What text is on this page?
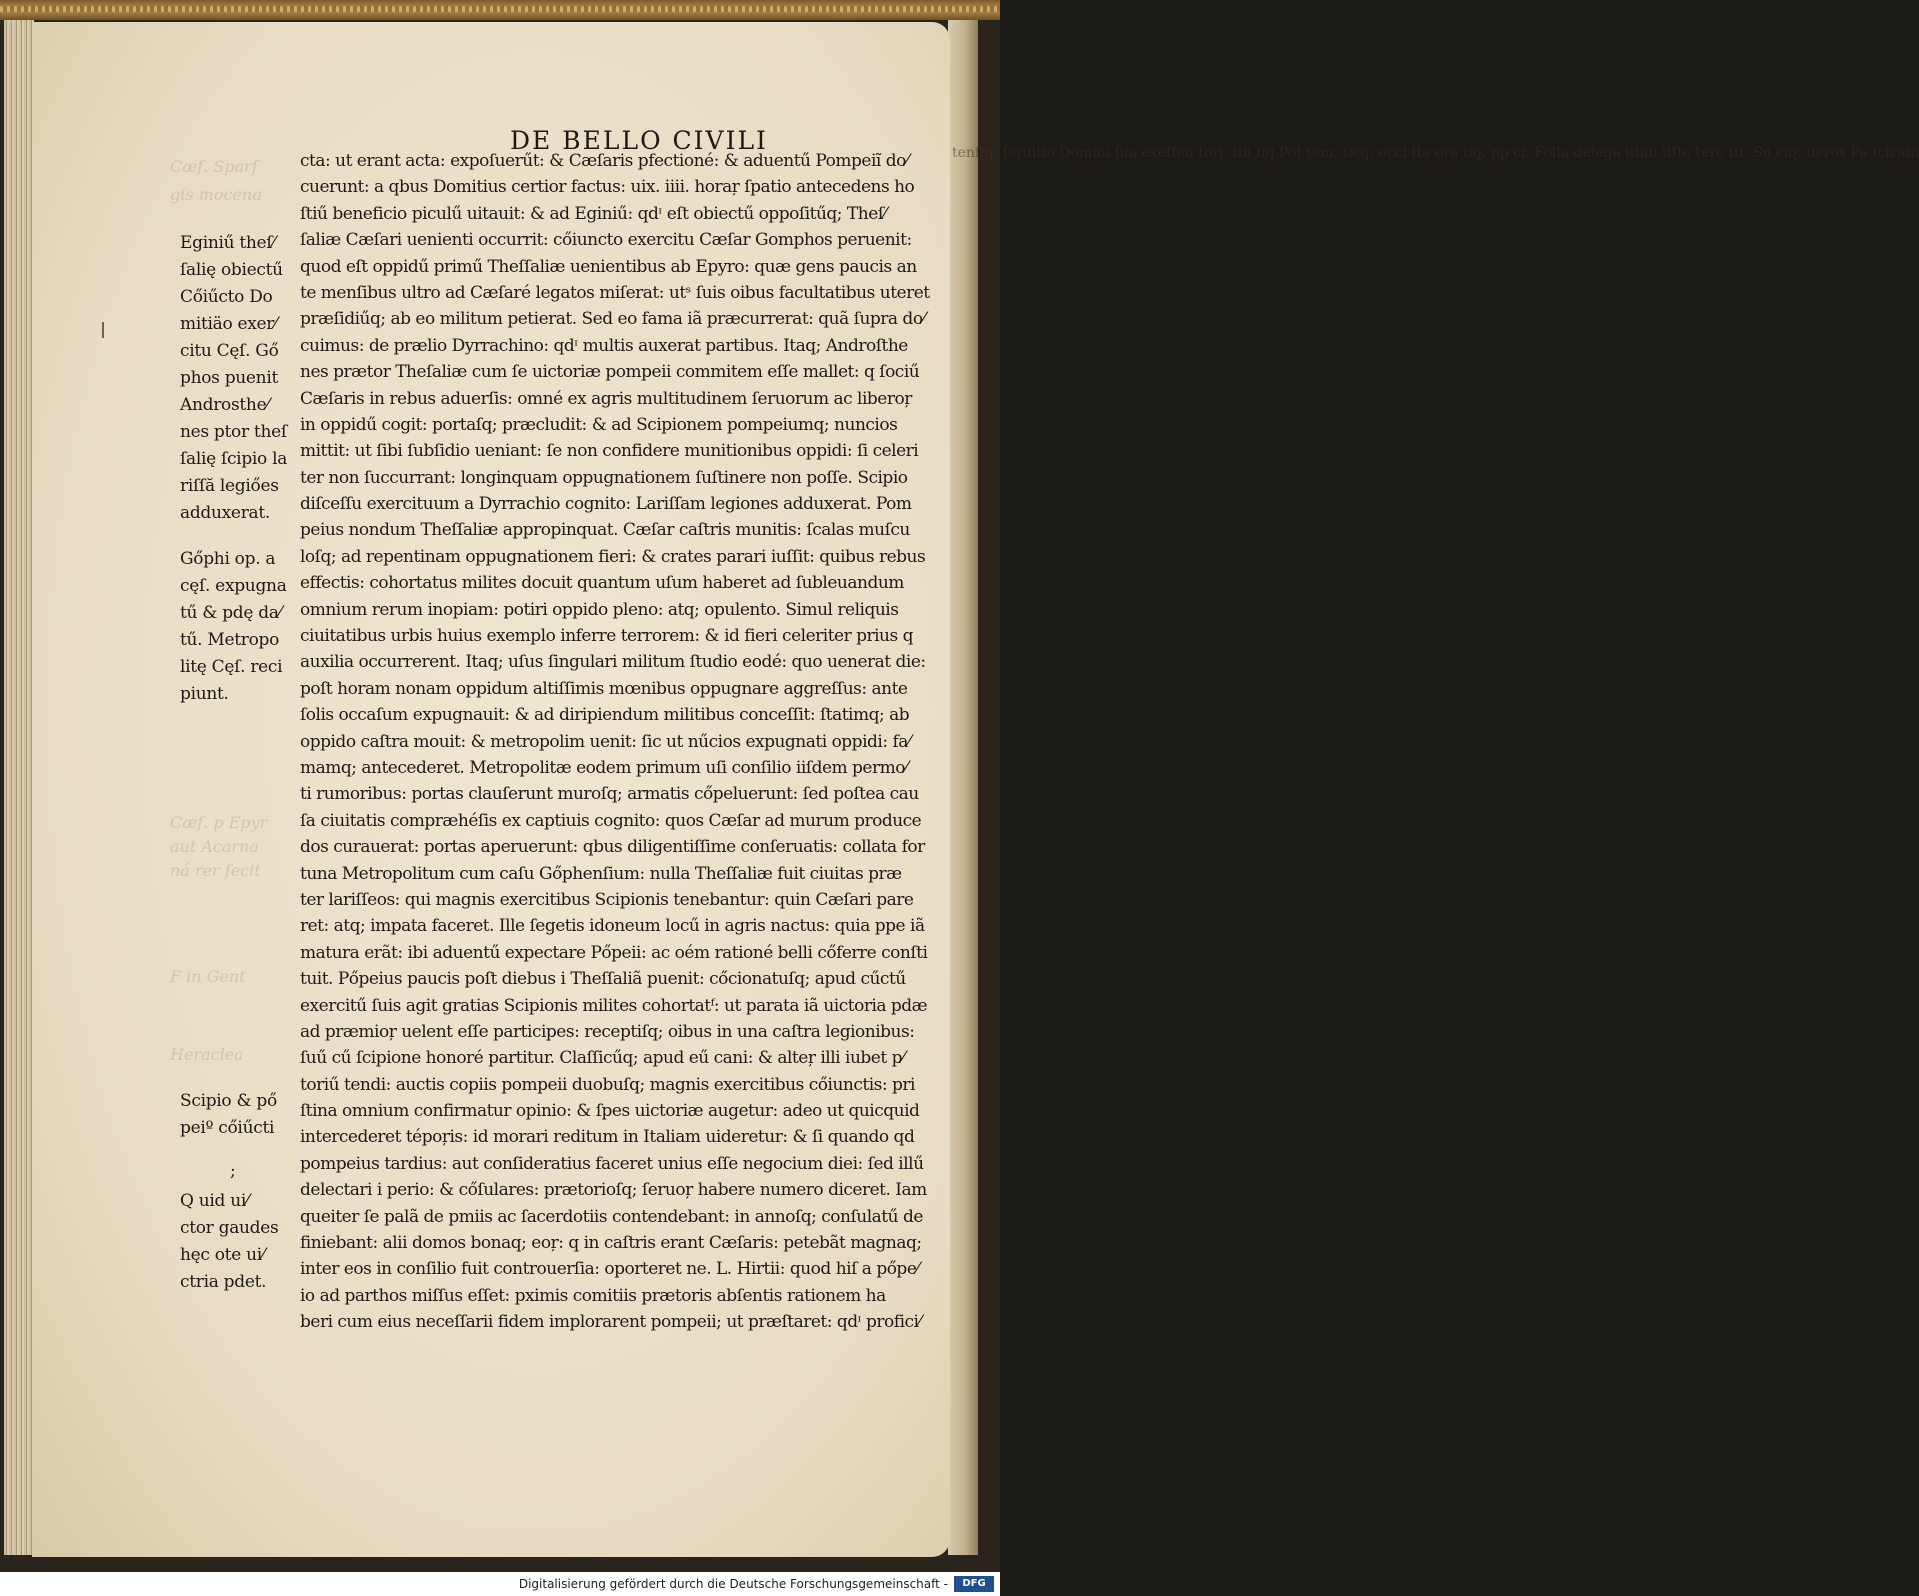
Cæſ. Sparſ
gis mocena
Cæſ. p Epyr
aut Acarna
ná rer ſecit
F in Gent
Heraclea
DE BELLO CIVILI
Eginiű theſ⁄
ſalię obiectű
Cőiűcto Do
mitiäo exer⁄
citu Cęſ. Gő
phos puenit
Androsthe⁄
nes ptor theſ
ſalię ſcipio la
riſſă legiőes
adduxerat.
Gőphi op. a
cęſ. expugna
tű & pdę da⁄
tű. Metropo
litę Cęſ. reci
piunt.
Scipio & pő
peiº cőiűcti
;
Q uid ui⁄
ctor gaudes
hęc ote ui⁄
ctria pdet.
cta: ut erant acta: expoſuerűt: & Cæſaris pfectioné: & aduentű Pompeiĩ do⁄
cuerunt: a qbus Domitius certior factus: uix. iiii. horaŗ ſpatio antecedens ho
ſtiű beneficio piculű uitauit: & ad Eginiű: qdᶦ eſt obiectű oppoſitűq; Theſ⁄
ſaliæ Cæſari uenienti occurrit: cőiuncto exercitu Cæſar Gomphos peruenit:
quod eſt oppidű primű Theſſaliæ uenientibus ab Epyro: quæ gens paucis an
te menſibus ultro ad Cæſaré legatos miſerat: utˢ ſuis oibus facultatibus uteret
præſidiűq; ab eo militum petierat. Sed eo fama iã præcurrerat: quã ſupra do⁄
cuimus: de prælio Dyrrachino: qdᶦ multis auxerat partibus. Itaq; Androſthe
nes prætor Theſaliæ cum ſe uictoriæ pompeii commitem eſſe mallet: q ſociű
Cæſaris in rebus aduerſis: omné ex agris multitudinem ſeruorum ac liberoŗ
in oppidű cogit: portaſq; præcludit: & ad Scipionem pompeiumq; nuncios
mittit: ut ſibi ſubſidio ueniant: ſe non confidere munitionibus oppidi: ſi celeri
ter non ſuccurrant: longinquam oppugnationem ſuſtinere non poſſe. Scipio
diſceſſu exercituum a Dyrrachio cognito: Lariſſam legiones adduxerat. Pom
peius nondum Theſſaliæ appropinquat. Cæſar caſtris munitis: ſcalas muſcu
loſq; ad repentinam oppugnationem fieri: & crates parari iuſſit: quibus rebus
effectis: cohortatus milites docuit quantum uſum haberet ad ſubleuandum
omnium rerum inopiam: potiri oppido pleno: atq; opulento. Simul reliquis
ciuitatibus urbis huius exemplo inferre terrorem: & id fieri celeriter prius q
auxilia occurrerent. Itaq; uſus ſingulari militum ſtudio eodé: quo uenerat die:
poſt horam nonam oppidum altiſſimis mœnibus oppugnare aggreſſus: ante
ſolis occaſum expugnauit: & ad diripiendum militibus conceſſit: ſtatimq; ab
oppido caſtra mouit: & metropolim uenit: ſic ut nűcios expugnati oppidi: fa⁄
mamq; antecederet. Metropolitæ eodem primum uſi conſilio iiſdem permo⁄
ti rumoribus: portas clauſerunt muroſq; armatis cőpeluerunt: ſed poſtea cau
ſa ciuitatis compræhéſis ex captiuis cognito: quos Cæſar ad murum produce
dos curauerat: portas aperuerunt: qbus diligentiſſime conſeruatis: collata for
tuna Metropolitum cum caſu Gőphenſium: nulla Theſſaliæ fuit ciuitas præ
ter lariſſeos: qui magnis exercitibus Scipionis tenebantur: quin Cæſari pare
ret: atq; impata faceret. Ille ſegetis idoneum locű in agris nactus: quia ppe iã
matura erãt: ibi aduentű expectare Pőpeii: ac oém rationé belli cőferre conſti
tuit. Pőpeius paucis poſt diebus i Theſſaliã puenit: cőcionatuſq; apud cűctű
exercitű ſuis agit gratias Scipionis milites cohortatᶠ: ut parata iã uictoria pdæ
ad præmioŗ uelent eſſe participes: receptiſq; oibus in una caſtra legionibus:
ſuű cű ſcipione honoré partitur. Claſſicűq; apud eű cani: & alteŗ illi iubet p⁄
toriű tendi: auctis copiis pompeii duobuſq; magnis exercitibus cőiunctis: pri
ſtina omnium confirmatur opinio: & ſpes uictoriæ augetur: adeo ut quicquid
intercederet tépoŗis: id morari reditum in Italiam uideretur: & ſi quando qd
pompeius tardius: aut conſideratius faceret unius eſſe negocium diei: ſed illű
delectari i perio: & cőſulares: prætorioſq; ſeruoŗ habere numero diceret. Iam
queiter ſe palã de pmiis ac ſacerdotiis contendebant: in annoſq; conſulatű de
finiebant: alii domos bonaq; eoŗ: q in caſtris erant Cæſaris: petebãt magnaq;
inter eos in conſilio fuit controuerſia: oporteret ne. L. Hirtii: quod hiſ a pőpe⁄
io ad parthos miſſus eſſet: pximis comitiis prætoris abſentis rationem ha
beri cum eius neceſſarii fidem implorarent pompeii; ut præſtaret: qdᶦ profici⁄
tenſiq; ſeruitio Domini ſua exeſſen tori. tiu ſiq Pot tem; ſicq; occi ſta ora tiq. pp ci. Folla delega utali itſte tere ſit. Su ciq; ueros Pa ſcicabi
Digitalisierung gefördert durch die Deutsche Forschungsgemeinschaft -	DFG
